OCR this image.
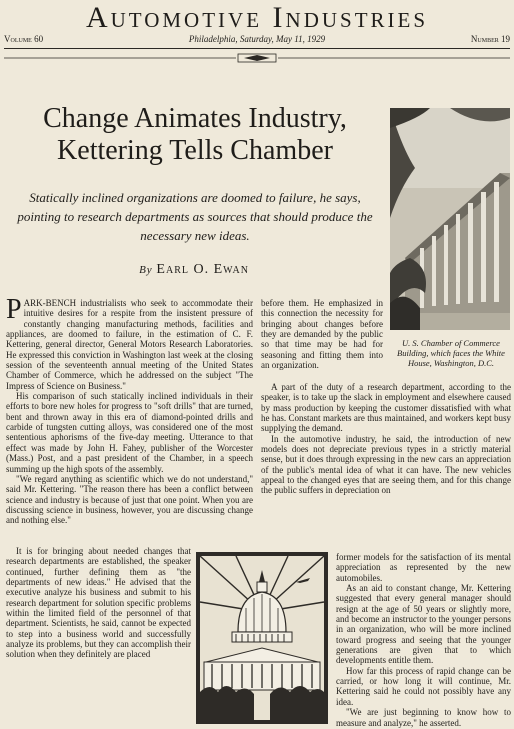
Automotive Industries
Volume 60	Philadelphia, Saturday, May 11, 1929	Number 19
Change Animates Industry,
Kettering Tells Chamber
Statically inclined organizations are doomed to failure, he says, pointing to research departments as sources that should produce the necessary new ideas.
By Earl O. Ewan
U. S. Chamber of Commerce Building, which faces the White House, Washington, D.C.

PARK-BENCH industrialists who seek to accommodate their intuitive desires for a respite from the insistent pressure of constantly changing manufacturing methods, facilities and appliances, are doomed to failure, in the estimation of C. F. Kettering, general director, General Motors Research Laboratories. He expressed this conviction in Washington last week at the closing session of the seventeenth annual meeting of the United States Chamber of Commerce, which he addressed on the subject "The Impress of Science on Business."

His comparison of such statically inclined individuals in their efforts to bore new holes for progress to "soft drills" that are turned, bent and thrown away in this era of diamond-pointed drills and carbide of tungsten cutting alloys, was considered one of the most sententious aphorisms of the five-day meeting. Utterance to that effect was made by John H. Fahey, publisher of the Worcester (Mass.) Post, and a past president of the Chamber, in a speech summing up the high spots of the assembly.

"We regard anything as scientific which we do not understand," said Mr. Kettering. "The reason there has been a conflict between science and industry is because of just that one point. When you are discussing science in business, however, you are discussing change and nothing else."

It is for bringing about needed changes that research departments are established, the speaker continued, further defining them as "the departments of new ideas." He advised that the executive analyze his business and submit to his research department for solution specific problems within the limited field of the personnel of that department. Scientists, he said, cannot be expected to step into a business world and successfully analyze its problems, but they can accomplish their solution when they definitely are placed

before them. He emphasized in this connection the necessity for bringing about changes before they are demanded by the public so that time may be had for seasoning and fitting them into an organization.

A part of the duty of a research department, according to the speaker, is to take up the slack in employment and elsewhere caused by mass production by keeping the customer dissatisfied with what he has. Constant markets are thus maintained, and workers kept busy supplying the demand.

In the automotive industry, he said, the introduction of new models does not depreciate previous types in a strictly material sense, but it does through expressing in the new cars an appreciation of the public's mental idea of what it can have. The new vehicles appeal to the changed eyes that are seeing them, and for this change the public suffers in depreciation on

former models for the satisfaction of its mental appreciation as represented by the new automobiles.

As an aid to constant change, Mr. Kettering suggested that every general manager should resign at the age of 50 years or slightly more, and become an instructor to the younger persons in an organization, who will be more inclined toward progress and seeing that the younger generations are given that to which developments entitle them.

How far this process of rapid change can be carried, or how long it will continue, Mr. Kettering said he could not possibly have any idea.

"We are just beginning to know how to measure and analyze," he asserted.
